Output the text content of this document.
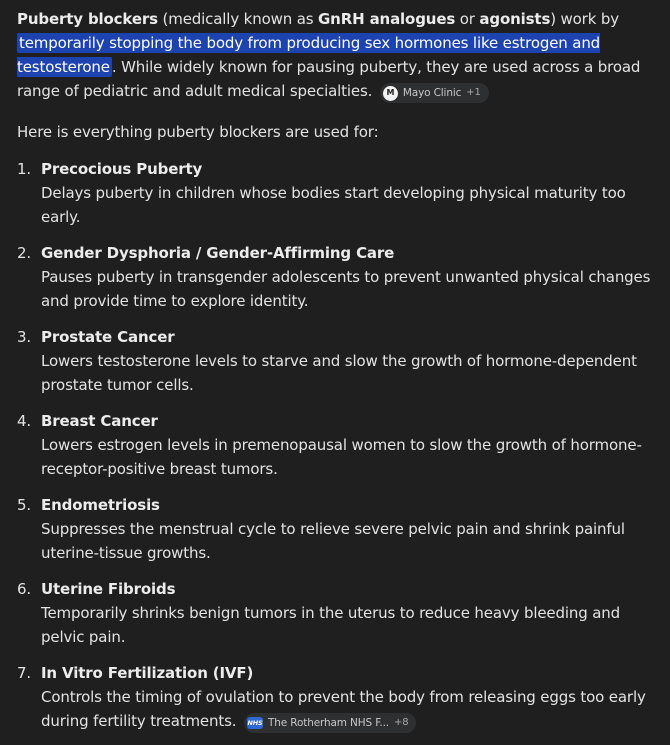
Puberty blockers (medically known as GnRH analogues or agonists) work by temporarily stopping the body from producing sex hormones like estrogen and testosterone . While widely known for pausing puberty, they are used across a broad range of pediatric and adult medical specialties.	M Mayo Clinic +1

Here is everything puberty blockers are used for:

1. Precocious Puberty
Delays puberty in children whose bodies start developing physical maturity too early.
2. Gender Dysphoria / Gender-Affirming Care
Pauses puberty in transgender adolescents to prevent unwanted physical changes and provide time to explore identity.
3. Prostate Cancer
Lowers testosterone levels to starve and slow the growth of hormone-dependent prostate tumor cells.
4. Breast Cancer
Lowers estrogen levels in premenopausal women to slow the growth of hormone-receptor-positive breast tumors.
5. Endometriosis
Suppresses the menstrual cycle to relieve severe pelvic pain and shrink painful uterine-tissue growths.
6. Uterine Fibroids
Temporarily shrinks benign tumors in the uterus to reduce heavy bleeding and pelvic pain.
7. In Vitro Fertilization (IVF)
Controls the timing of ovulation to prevent the body from releasing eggs too early during fertility treatments. NHS The Rotherham NHS F... +8
